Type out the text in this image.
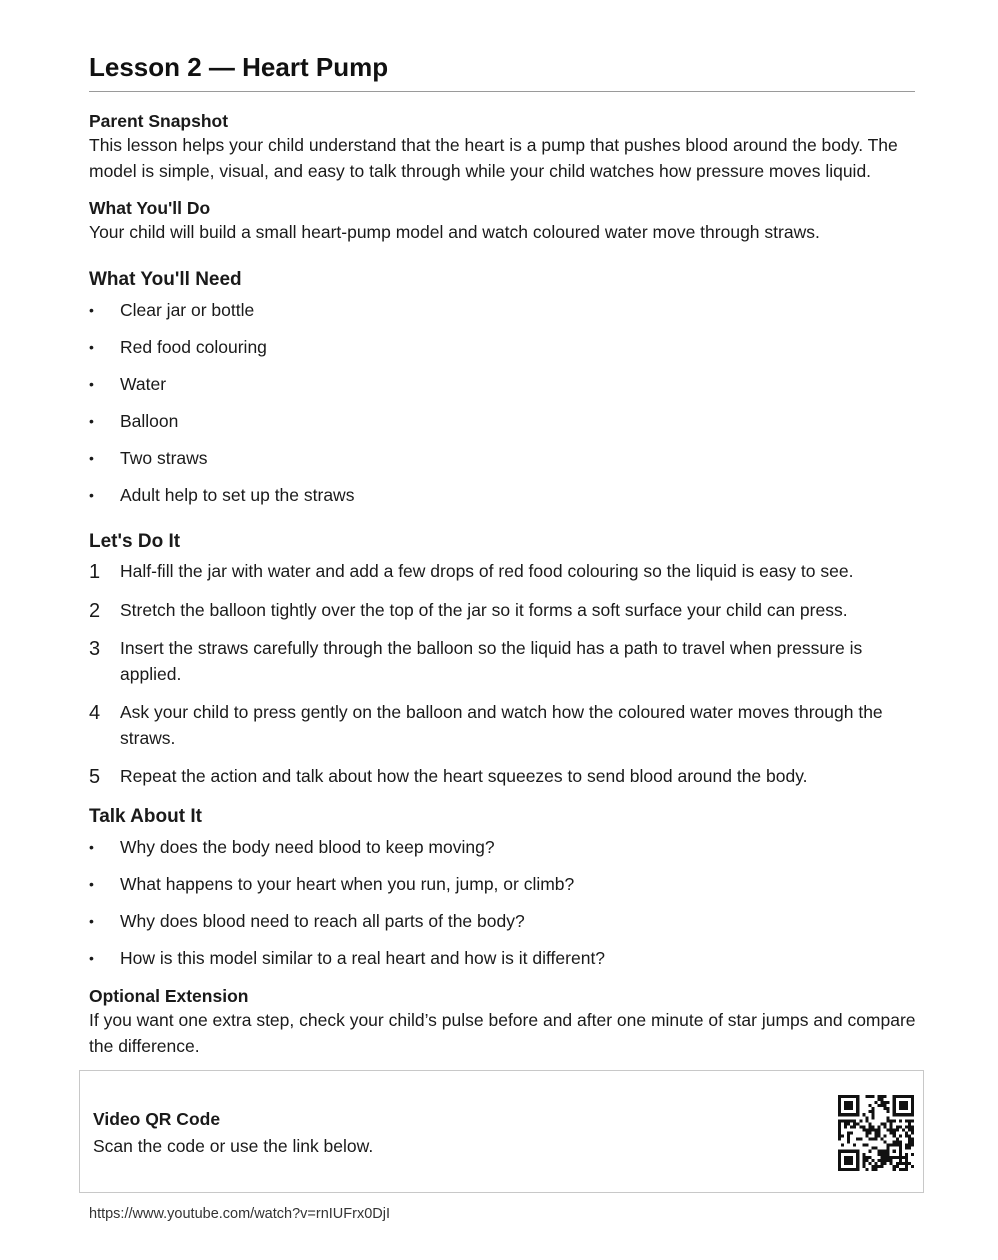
Lesson 2 — Heart Pump
Parent Snapshot

This lesson helps your child understand that the heart is a pump that pushes blood around the body. The model is simple, visual, and easy to talk through while your child watches how pressure moves liquid.

What You'll Do

Your child will build a small heart-pump model and watch coloured water move through straws.

What You'll Need
• Clear jar or bottle
• Red food colouring
• Water
• Balloon
• Two straws
• Adult help to set up the straws
Let's Do It
1 Half-fill the jar with water and add a few drops of red food colouring so the liquid is easy to see.
2 Stretch the balloon tightly over the top of the jar so it forms a soft surface your child can press.
3 Insert the straws carefully through the balloon so the liquid has a path to travel when pressure is applied.
4 Ask your child to press gently on the balloon and watch how the coloured water moves through the straws.
5 Repeat the action and talk about how the heart squeezes to send blood around the body.
Talk About It
• Why does the body need blood to keep moving?
• What happens to your heart when you run, jump, or climb?
• Why does blood need to reach all parts of the body?
• How is this model similar to a real heart and how is it different?
Optional Extension

If you want one extra step, check your child’s pulse before and after one minute of star jumps and compare the difference.

Video QR Code

Scan the code or use the link below.

https://www.youtube.com/watch?v=rnIUFrx0DjI
